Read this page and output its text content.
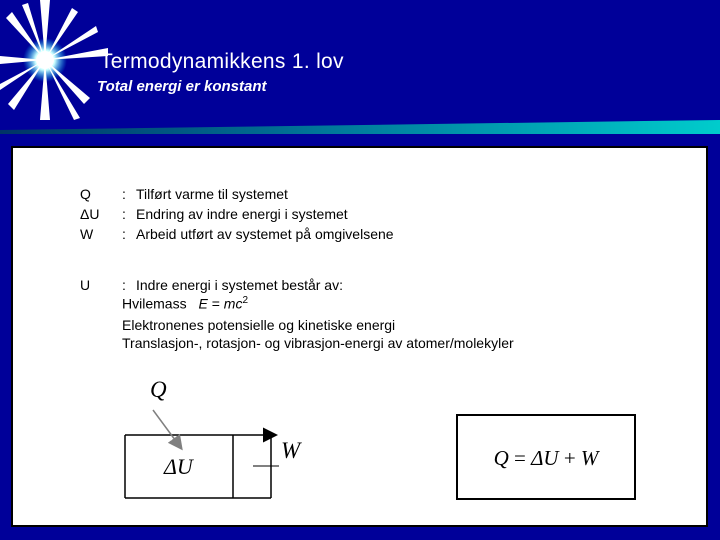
Termodynamikkens 1. lov
Total energi er konstant
Q : Tilført varme til systemet
ΔU : Endring av indre energi i systemet
W : Arbeid utført av systemet på omgivelsene
U : Indre energi i systemet består av:
Hvilemass $E = mc^2$
Elektronenes potensielle og kinetiske energi
Translasjon-, rotasjon- og vibrasjon-energi av atomer/molekyler
Q
ΔU
W	Q = ΔU + W
